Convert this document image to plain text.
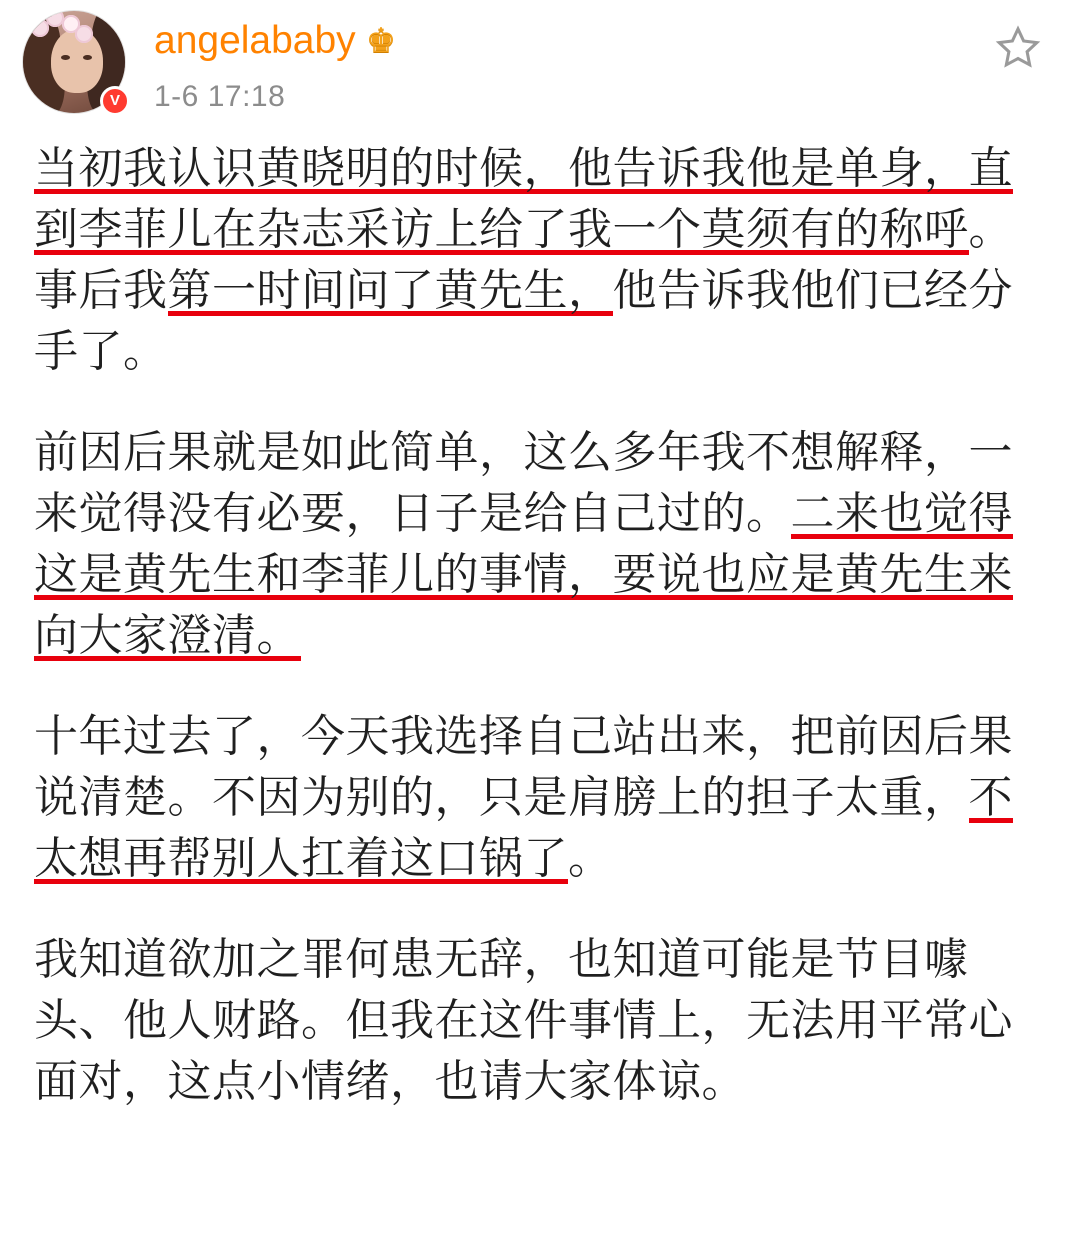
V
angelababy ♚
1-6 17:18

当初我认识黄晓明的时候，他告诉我他是单身，直到李菲儿在杂志采访上给了我一个莫须有的称呼。事后我第一时间问了黄先生，他告诉我他们已经分手了。

前因后果就是如此简单，这么多年我不想解释，一来觉得没有必要，日子是给自己过的。二来也觉得这是黄先生和李菲儿的事情，要说也应是黄先生来向大家澄清。

十年过去了，今天我选择自己站出来，把前因后果说清楚。不因为别的，只是肩膀上的担子太重，不太想再帮别人扛着这口锅了。

我知道欲加之罪何患无辞，也知道可能是节目噱头、他人财路。但我在这件事情上，无法用平常心面对，这点小情绪，也请大家体谅。
